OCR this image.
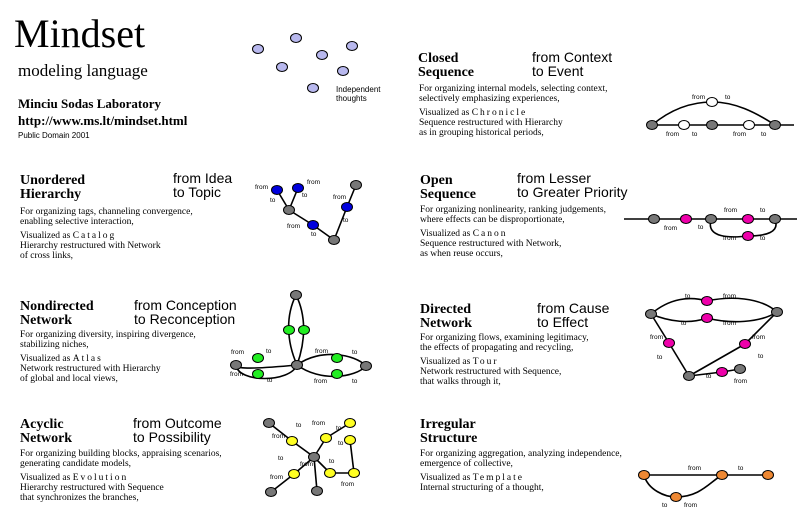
Mindset
modeling language
Minciu Sodas Laboratory
http://www.ms.lt/mindset.html
Public Domain 2001
Independent
thoughts
Unordered
Hierarchy
from Idea
to Topic
For organizing tags, channeling convergence,
enabling selective interaction,
Visualized as Catalog
Hierarchy restructured with Network
of cross links,
Nondirected
Network
from Conception
to Reconception
For organizing diversity, inspiring divergence,
stabilizing niches,
Visualized as Atlas
Network restructured with Hierarchy
of global and local views,
Acyclic
Network
from Outcome
to Possibility
For organizing building blocks, appraising scenarios,
generating candidate models,
Visualized as Evolution
Hierarchy restructured with Sequence
that synchronizes the branches,
Closed
Sequence
from Context
to Event
For organizing internal models, selecting context,
selectively emphasizing experiences,
Visualized as Chronicle
Sequence restructured with Hierarchy
as in grouping historical periods,
Open
Sequence
from Lesser
to Greater Priority
For organizing nonlinearity, ranking judgements,
where effects can be disproportionate,
Visualized as Canon
Sequence restructured with Network,
as when reuse occurs,
Directed
Network
from Cause
to Effect
For organizing flows, examining legitimacy,
the effects of propagating and recycling,
Visualized as Tour
Network restructured with Sequence,
that walks through it,
Irregular
Structure
For organizing aggregation, analyzing independence,
emergence of collective,
Visualized as Template
Internal structuring of a thought,
from
to
from
to
from
to
from
to
from	to
from
to
from	to
from	to
from
to from
to
to
to
from
from to
from
from	to
from to	from to
from	to
from	to
from	to
to	from
to	from
from
to
from
to
to
from
from	to
to	from
